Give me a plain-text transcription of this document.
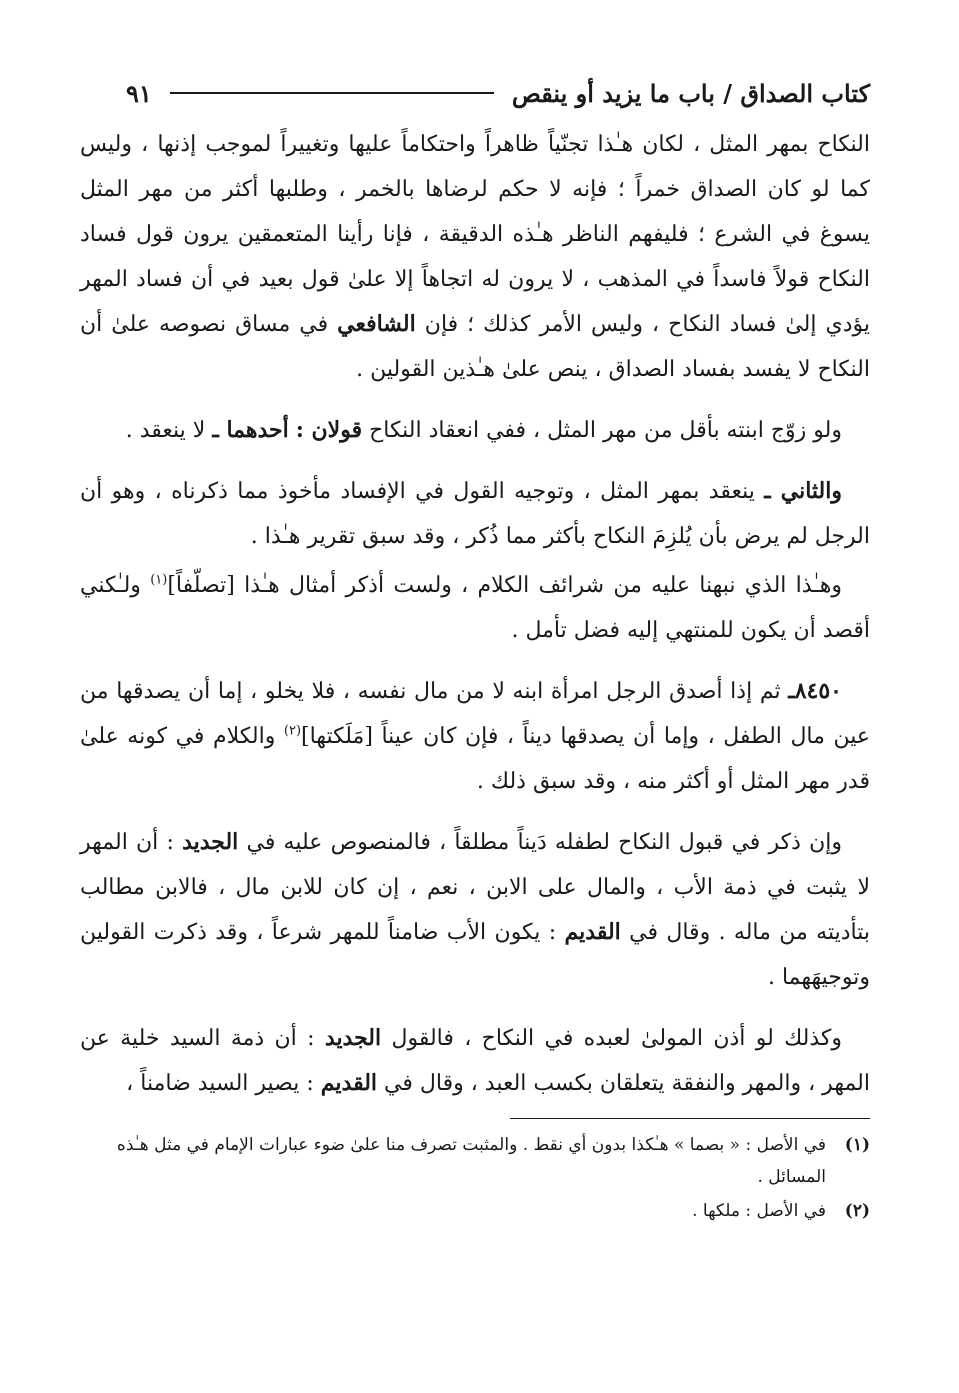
كتاب الصداق / باب ما يزيد أو ينقص
٩١

النكاح بمهر المثل ، لكان هـٰذا تجنّياً ظاهراً واحتكاماً عليها وتغييراً لموجب إذنها ، وليس كما لو كان الصداق خمراً ؛ فإنه لا حكم لرضاها بالخمر ، وطلبها أكثر من مهر المثل يسوغ في الشرع ؛ فليفهم الناظر هـٰذه الدقيقة ، فإنا رأينا المتعمقين يرون قول فساد النكاح قولاً فاسداً في المذهب ، لا يرون له اتجاهاً إلا علىٰ قول بعيد في أن فساد المهر يؤدي إلىٰ فساد النكاح ، وليس الأمر كذلك ؛ فإن الشافعي في مساق نصوصه علىٰ أن النكاح لا يفسد بفساد الصداق ، ينص علىٰ هـٰذين القولين .

ولو زوّج ابنته بأقل من مهر المثل ، ففي انعقاد النكاح قولان : أحدهما ـ لا ينعقد .

والثاني ـ ينعقد بمهر المثل ، وتوجيه القول في الإفساد مأخوذ مما ذكرناه ، وهو أن الرجل لم يرض بأن يُلزِمَ النكاح بأكثر مما ذُكر ، وقد سبق تقرير هـٰذا .

وهـٰذا الذي نبهنا عليه من شرائف الكلام ، ولست أذكر أمثال هـٰذا [تصلّفاً]$^{(١)}$ ولـٰكني أقصد أن يكون للمنتهي إليه فضل تأمل .

٨٤٥٠ـ ثم إذا أصدق الرجل امرأة ابنه لا من مال نفسه ، فلا يخلو ، إما أن يصدقها من عين مال الطفل ، وإما أن يصدقها ديناً ، فإن كان عيناً [مَلَكتها]$^{(٢)}$ والكلام في كونه علىٰ قدر مهر المثل أو أكثر منه ، وقد سبق ذلك .

وإن ذكر في قبول النكاح لطفله دَيناً مطلقاً ، فالمنصوص عليه في الجديد : أن المهر لا يثبت في ذمة الأب ، والمال على الابن ، نعم ، إن كان للابن مال ، فالابن مطالب بتأديته من ماله . وقال في القديم : يكون الأب ضامناً للمهر شرعاً ، وقد ذكرت القولين وتوجيهَهما .

وكذلك لو أذن المولىٰ لعبده في النكاح ، فالقول الجديد : أن ذمة السيد خلية عن المهر ، والمهر والنفقة يتعلقان بكسب العبد ، وقال في القديم : يصير السيد ضامناً ،

(١)
في الأصل : « بصما » هـٰكذا بدون أي نقط . والمثبت تصرف منا علىٰ ضوء عبارات الإمام في مثل هـٰذه المسائل .
(٢)
في الأصل : ملكها .
